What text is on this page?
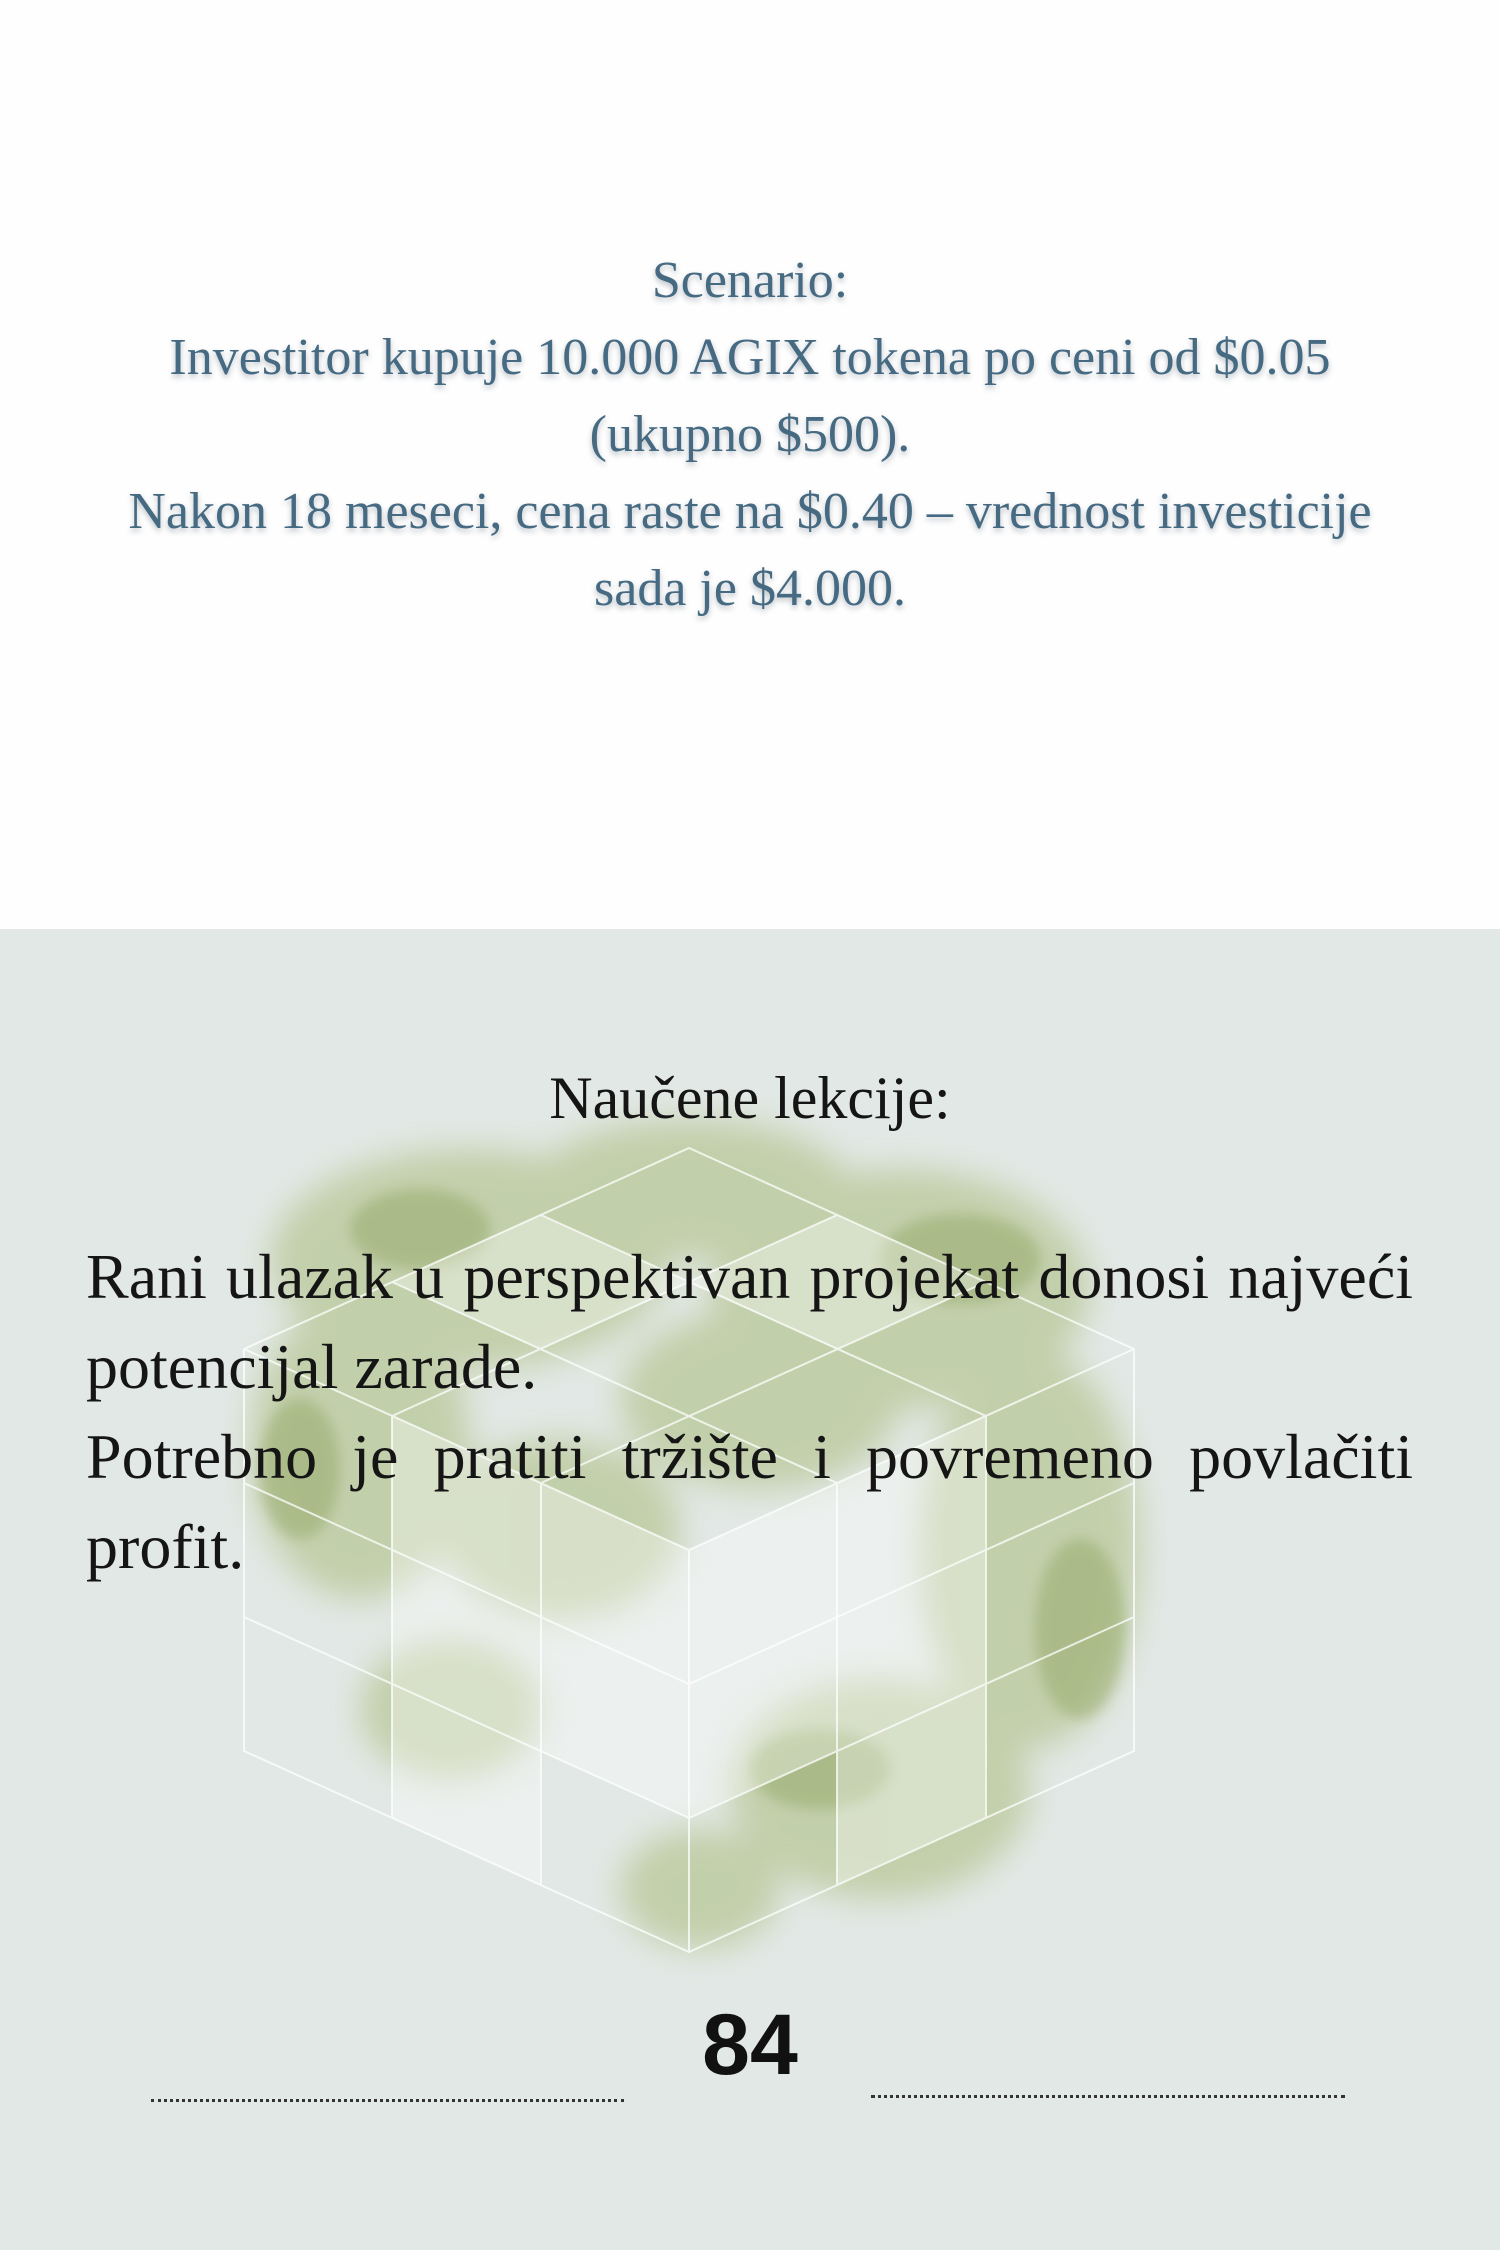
Scenario:

Investitor kupuje 10.000 AGIX tokena po ceni od $0.05 (ukupno $500).

Nakon 18 meseci, cena raste na $0.40 – vrednost investicije sada je $4.000.

Naučene lekcije:

Rani ulazak u perspektivan projekat donosi najveći potencijal zarade.

Potrebno je pratiti tržište i povremeno povlačiti profit.

84
